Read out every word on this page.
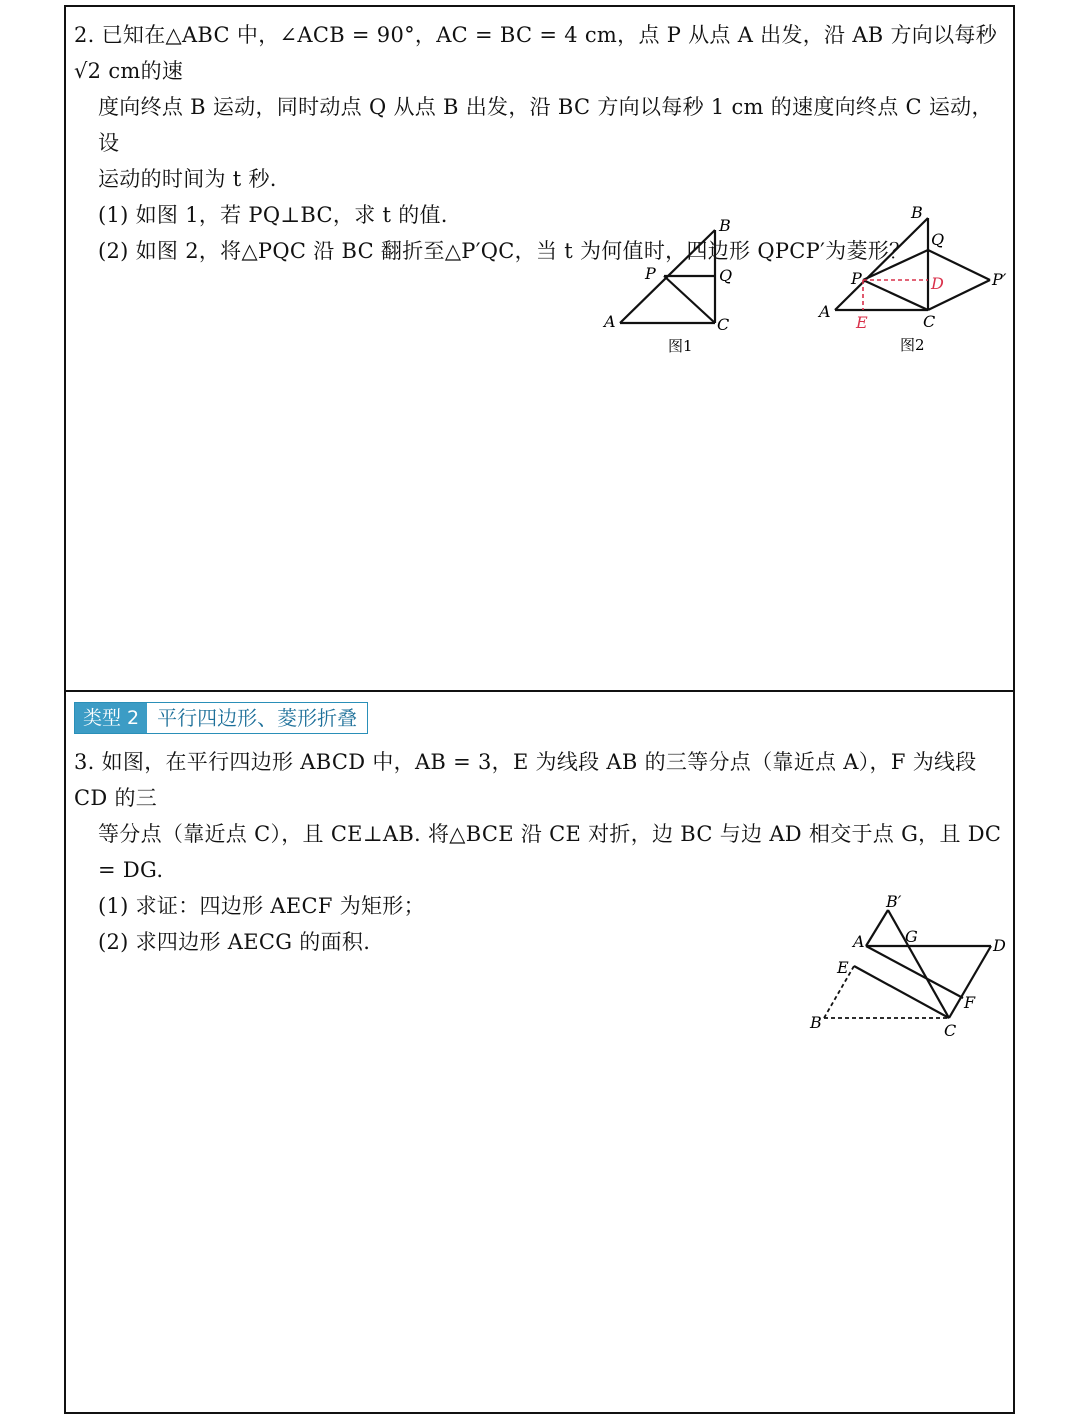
2. 已知在△ABC 中，∠ACB = 90°，AC = BC = 4 cm，点 P 从点 A 出发，沿 AB 方向以每秒√2 cm的速

度向终点 B 运动，同时动点 Q 从点 B 出发，沿 BC 方向以每秒 1 cm 的速度向终点 C 运动，设

运动的时间为 t 秒.

(1) 如图 1，若 PQ⊥BC，求 t 的值.

(2) 如图 2，将△PQC 沿 BC 翻折至△P′QC，当 t 为何值时，四边形 QPCP′为菱形？

A
B
C
P	Q
图1
B
Q
P	D	P′
A
E	C
图2
类型 2 平行四边形、菱形折叠

3. 如图，在平行四边形 ABCD 中，AB = 3，E 为线段 AB 的三等分点（靠近点 A），F 为线段 CD 的三

等分点（靠近点 C），且 CE⊥AB. 将△BCE 沿 CE 对折，边 BC 与边 AD 相交于点 G，且 DC = DG.

(1) 求证：四边形 AECF 为矩形；

(2) 求四边形 AECG 的面积.

B′
G
A	D
E
F
B	C
